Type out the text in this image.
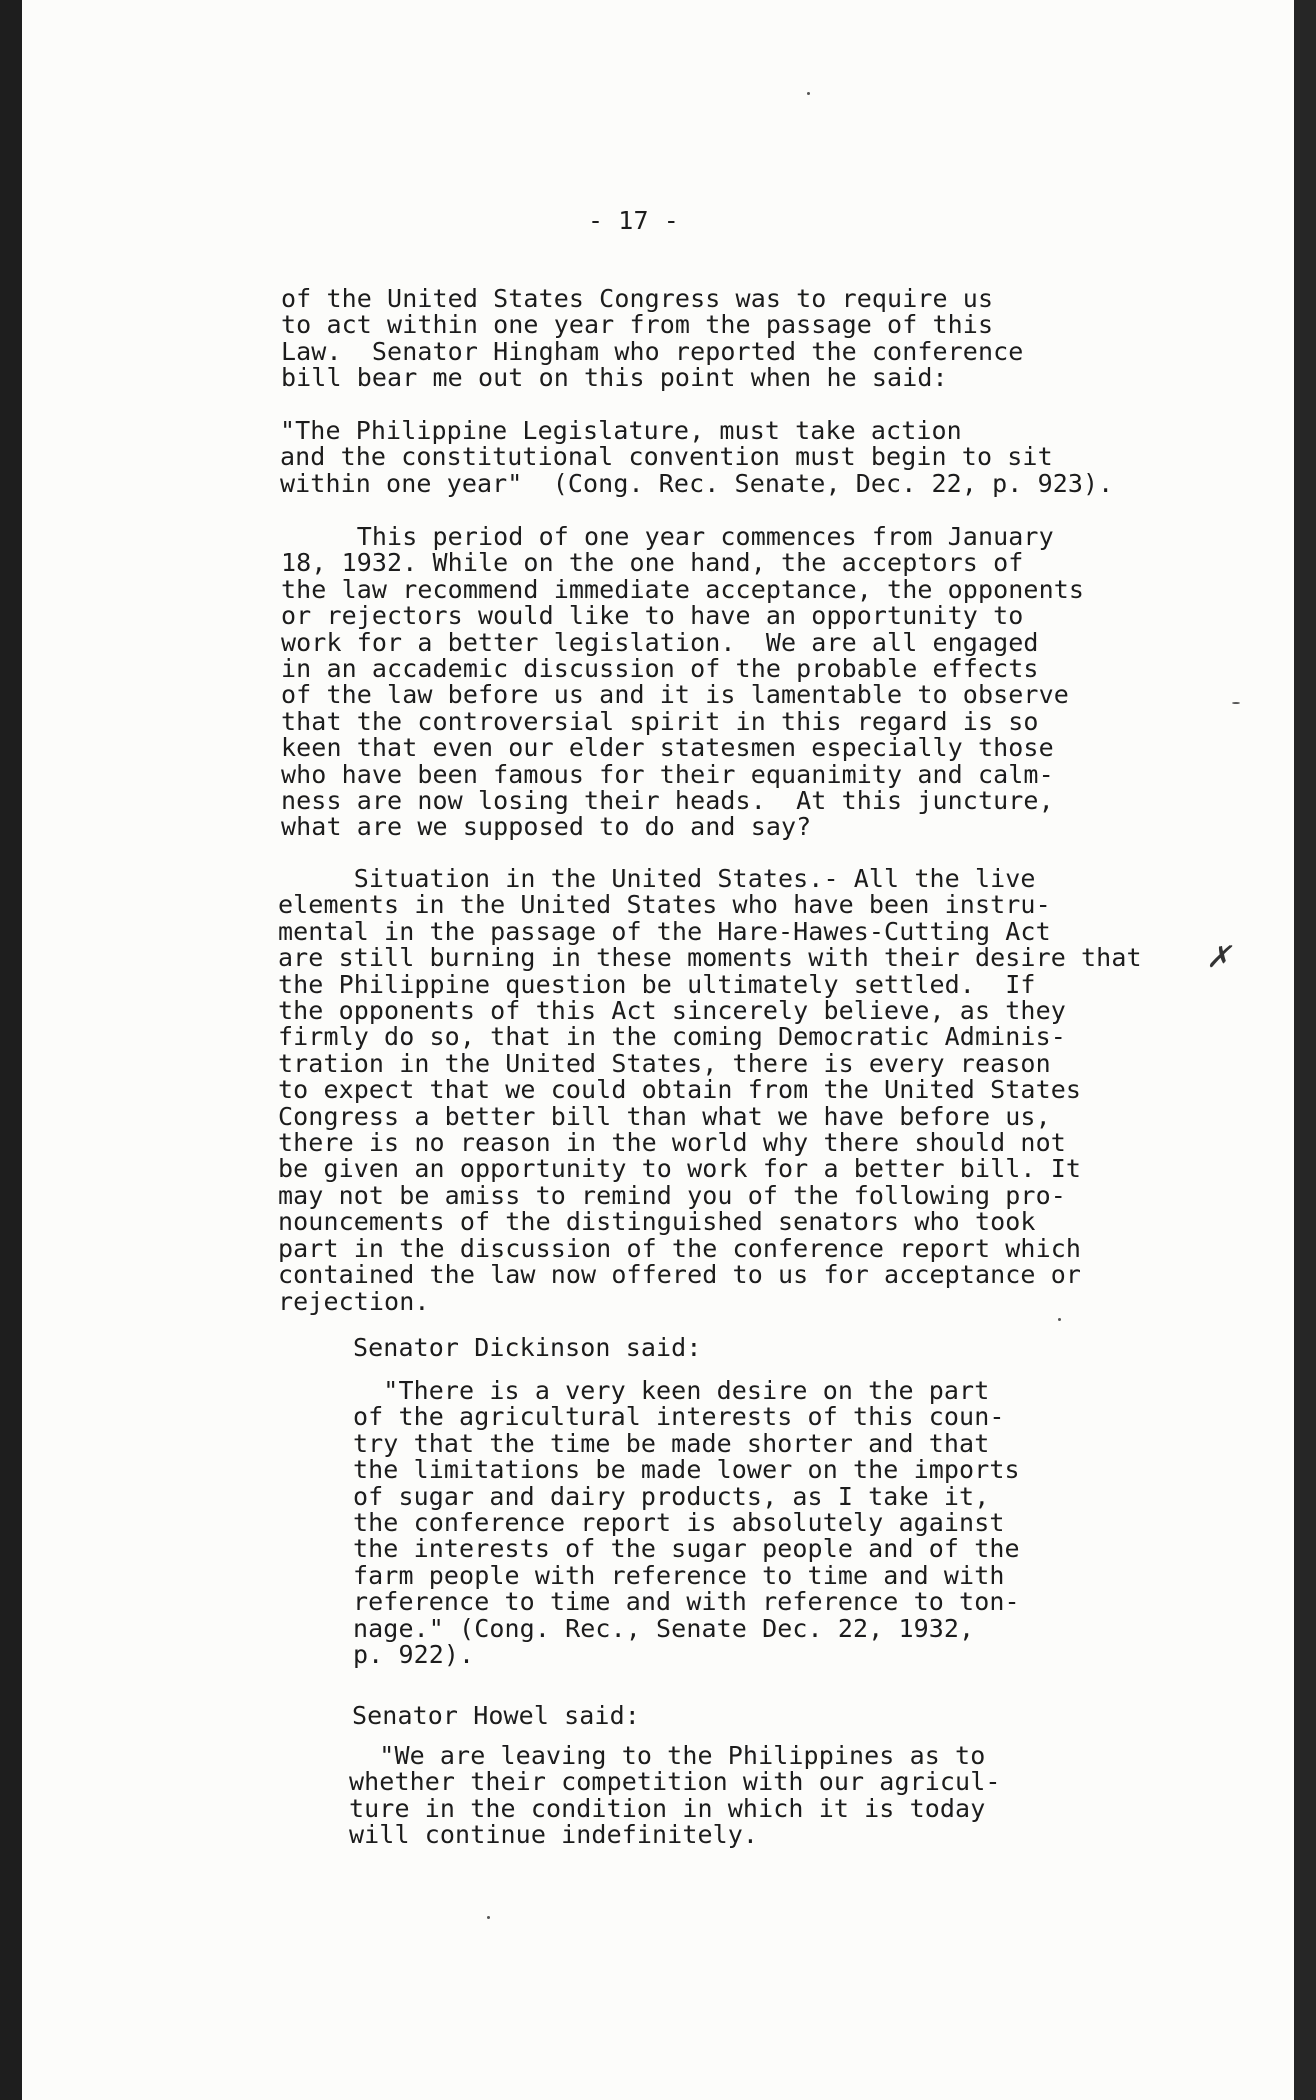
- 17 -

of the United States Congress was to require us
to act within one year from the passage of this
Law.  Senator Hingham who reported the conference
bill bear me out on this point when he said:

"The Philippine Legislature, must take action
and the constitutional convention must begin to sit
within one year"  (Cong. Rec. Senate, Dec. 22, p. 923).

This period of one year commences from January
18, 1932. While on the one hand, the acceptors of
the law recommend immediate acceptance, the opponents
or rejectors would like to have an opportunity to
work for a better legislation.  We are all engaged
in an accademic discussion of the probable effects
of the law before us and it is lamentable to observe
that the controversial spirit in this regard is so
keen that even our elder statesmen especially those
who have been famous for their equanimity and calm-
ness are now losing their heads.  At this juncture,
what are we supposed to do and say?

Situation in the United States.- All the live
elements in the United States who have been instru-
mental in the passage of the Hare-Hawes-Cutting Act
are still burning in these moments with their desire that
the Philippine question be ultimately settled.  If
the opponents of this Act sincerely believe, as they
firmly do so, that in the coming Democratic Adminis-
tration in the United States, there is every reason
to expect that we could obtain from the United States
Congress a better bill than what we have before us,
there is no reason in the world why there should not
be given an opportunity to work for a better bill. It
may not be amiss to remind you of the following pro-
nouncements of the distinguished senators who took
part in the discussion of the conference report which
contained the law now offered to us for acceptance or
rejection.

Senator Dickinson said:

"There is a very keen desire on the part
of the agricultural interests of this coun-
try that the time be made shorter and that
the limitations be made lower on the imports
of sugar and dairy products, as I take it,
the conference report is absolutely against
the interests of the sugar people and of the
farm people with reference to time and with
reference to time and with reference to ton-
nage." (Cong. Rec., Senate Dec. 22, 1932,
p. 922).

Senator Howel said:

"We are leaving to the Philippines as to
whether their competition with our agricul-
ture in the condition in which it is today
will continue indefinitely.

✗
